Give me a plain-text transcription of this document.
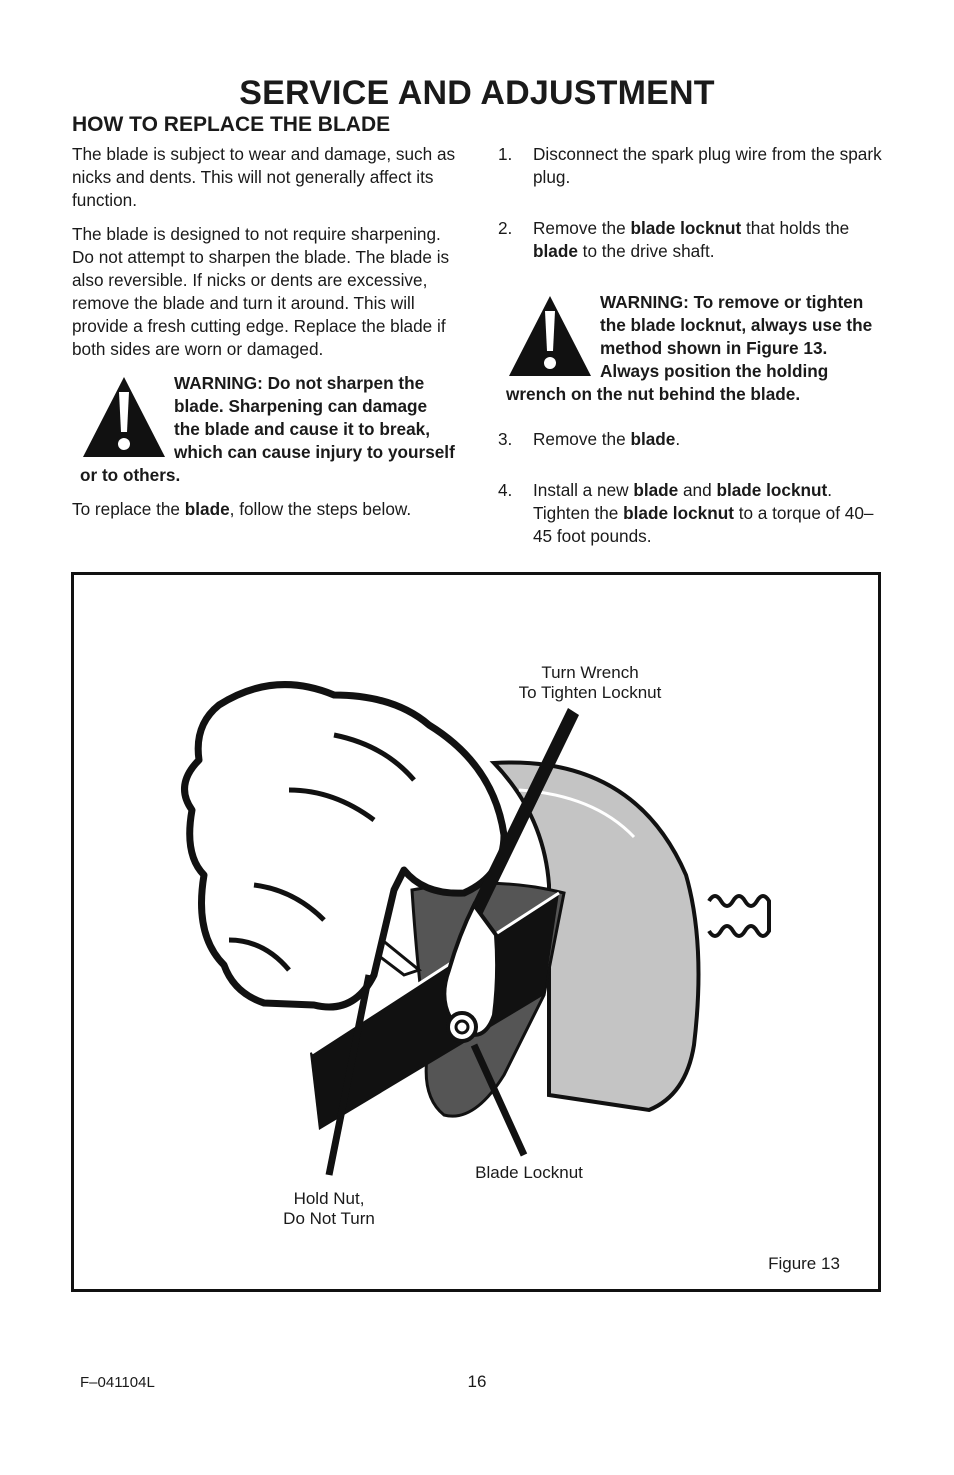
SERVICE AND ADJUSTMENT
HOW TO REPLACE THE BLADE

The blade is subject to wear and damage, such as nicks and dents. This will not generally affect its function.

The blade is designed to not require sharpening. Do not attempt to sharpen the blade. The blade is also reversible. If nicks or dents are excessive, remove the blade and turn it around. This will provide a fresh cutting edge. Replace the blade if both sides are worn or damaged.

WARNING: Do not sharpen the blade. Sharpening can damage the blade and cause it to break, which can cause injury to yourself or to others.

To replace the blade, follow the steps below.

1.	Disconnect the spark plug wire from the spark plug.
2.	Remove the blade locknut that holds the blade to the drive shaft.
WARNING: To remove or tighten the blade locknut, always use the method shown in Figure 13. Always position the holding wrench on the nut behind the blade.
3.	Remove the blade.
4.	Install a new blade and blade locknut. Tighten the blade locknut to a torque of 40–45 foot pounds.
Turn Wrench
To Tighten Locknut
Blade Locknut
Hold Nut,
Do Not Turn
Figure 13
F–041104L	16
